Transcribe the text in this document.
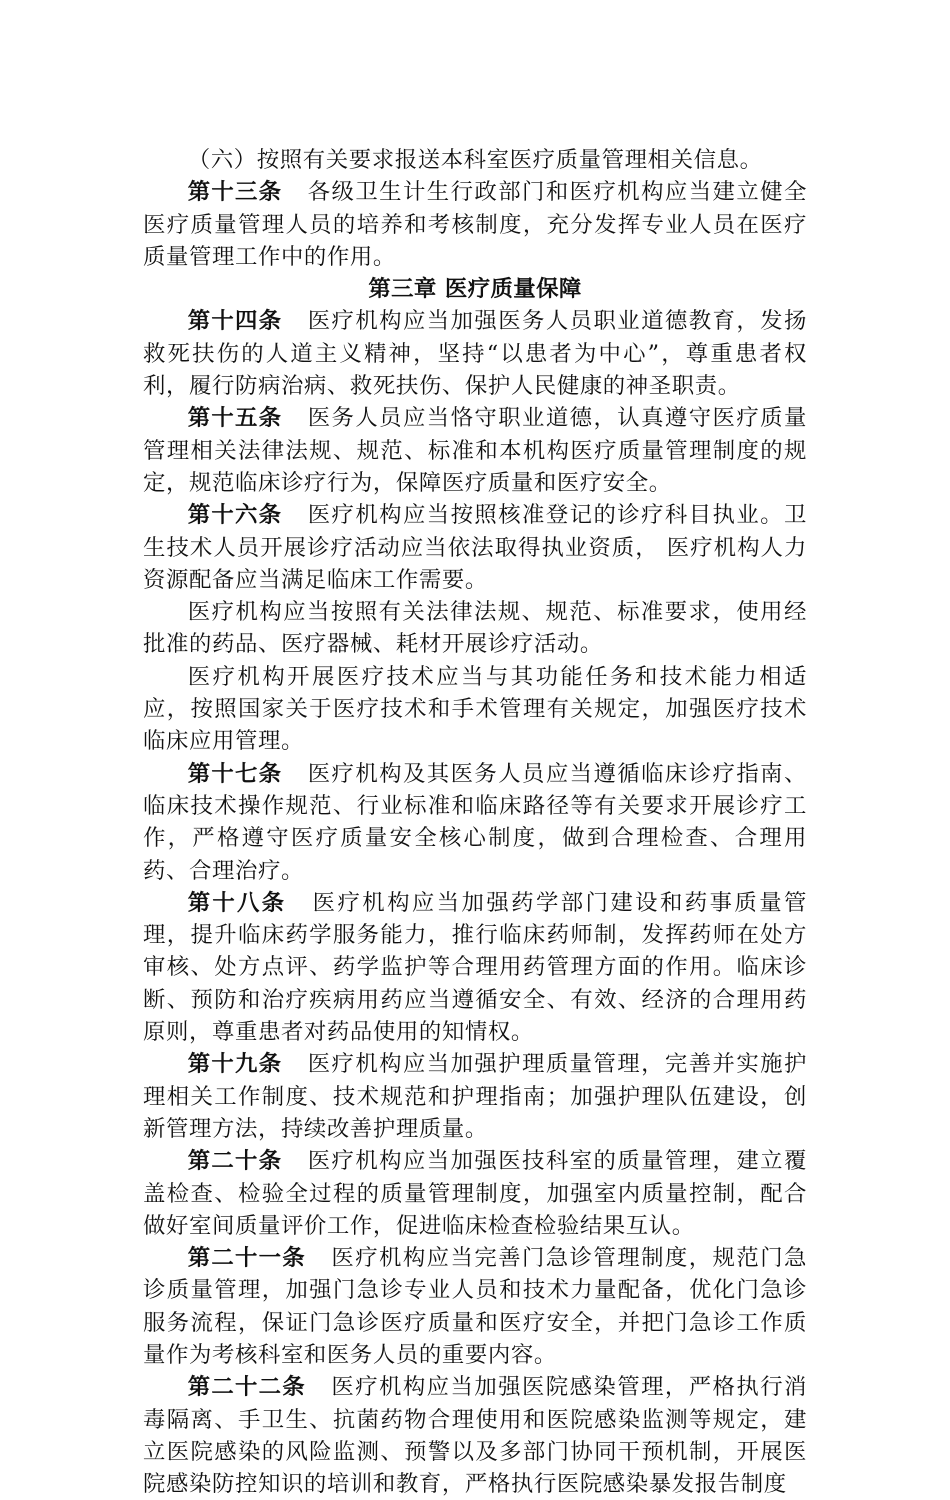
（六）按照有关要求报送本科室医疗质量管理相关信息。

第十三条 各级卫生计生行政部门和医疗机构应当建立健全医疗质量管理人员的培养和考核制度，充分发挥专业人员在医疗质量管理工作中的作用。

第三章 医疗质量保障

第十四条 医疗机构应当加强医务人员职业道德教育，发扬救死扶伤的人道主义精神，坚持“以患者为中心”，尊重患者权利，履行防病治病、救死扶伤、保护人民健康的神圣职责。

第十五条 医务人员应当恪守职业道德，认真遵守医疗质量管理相关法律法规、规范、标准和本机构医疗质量管理制度的规定，规范临床诊疗行为，保障医疗质量和医疗安全。

第十六条 医疗机构应当按照核准登记的诊疗科目执业。卫生技术人员开展诊疗活动应当依法取得执业资质， 医疗机构人力资源配备应当满足临床工作需要。

医疗机构应当按照有关法律法规、规范、标准要求，使用经批准的药品、医疗器械、耗材开展诊疗活动。

医疗机构开展医疗技术应当与其功能任务和技术能力相适应，按照国家关于医疗技术和手术管理有关规定，加强医疗技术临床应用管理。

第十七条 医疗机构及其医务人员应当遵循临床诊疗指南、临床技术操作规范、行业标准和临床路径等有关要求开展诊疗工作，严格遵守医疗质量安全核心制度，做到合理检查、合理用药、合理治疗。

第十八条 医疗机构应当加强药学部门建设和药事质量管理，提升临床药学服务能力，推行临床药师制，发挥药师在处方审核、处方点评、药学监护等合理用药管理方面的作用。临床诊断、预防和治疗疾病用药应当遵循安全、有效、经济的合理用药原则，尊重患者对药品使用的知情权。

第十九条 医疗机构应当加强护理质量管理，完善并实施护理相关工作制度、技术规范和护理指南；加强护理队伍建设，创新管理方法，持续改善护理质量。

第二十条 医疗机构应当加强医技科室的质量管理，建立覆盖检查、检验全过程的质量管理制度，加强室内质量控制，配合做好室间质量评价工作，促进临床检查检验结果互认。

第二十一条 医疗机构应当完善门急诊管理制度，规范门急诊质量管理，加强门急诊专业人员和技术力量配备，优化门急诊服务流程，保证门急诊医疗质量和医疗安全，并把门急诊工作质量作为考核科室和医务人员的重要内容。

第二十二条 医疗机构应当加强医院感染管理，严格执行消毒隔离、手卫生、抗菌药物合理使用和医院感染监测等规定，建立医院感染的风险监测、预警以及多部门协同干预机制，开展医院感染防控知识的培训和教育，严格执行医院感染暴发报告制度
